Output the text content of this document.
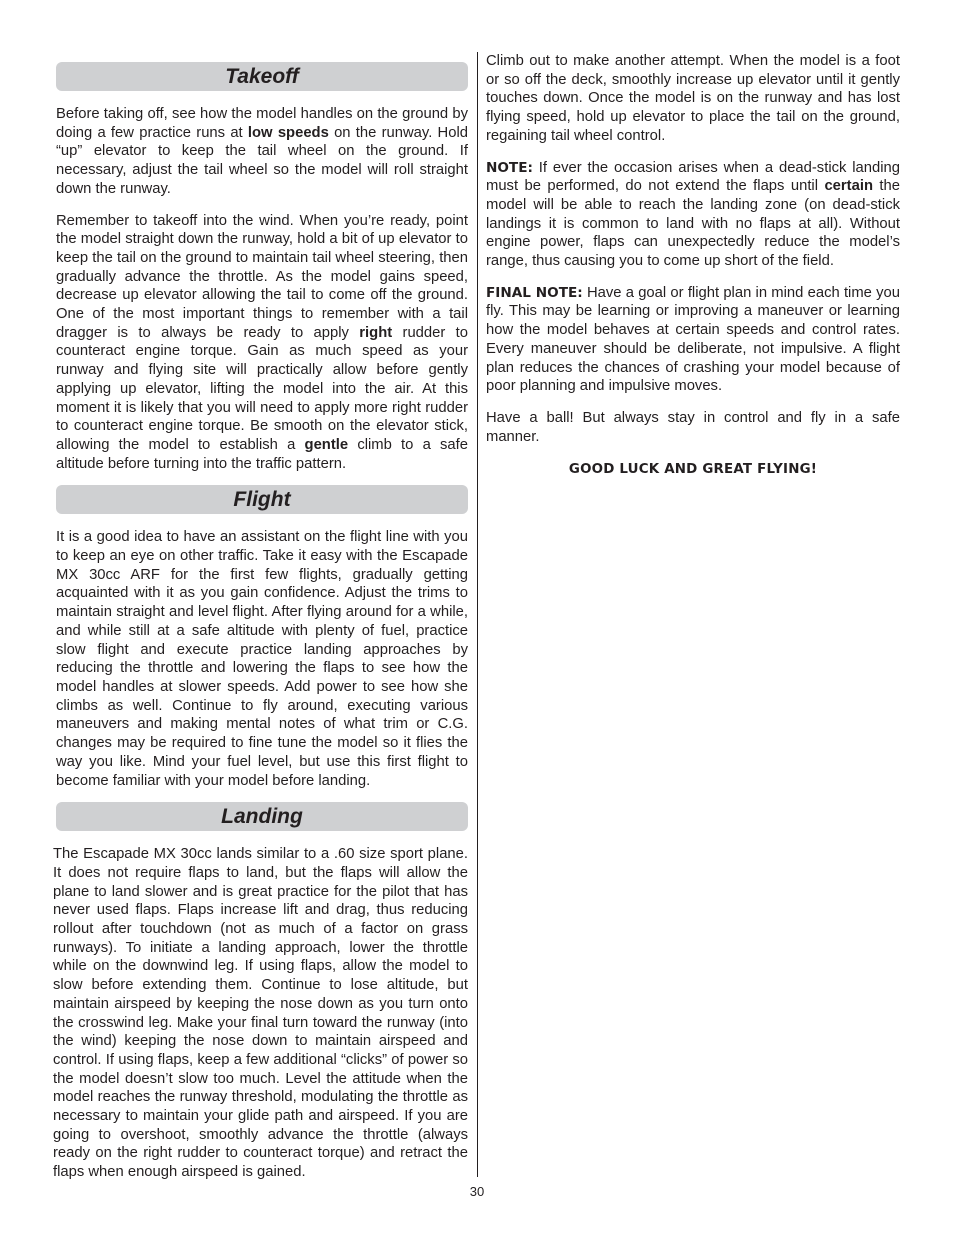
Takeoff

Before taking off, see how the model handles on the ground by doing a few practice runs at low speeds on the runway. Hold “up” elevator to keep the tail wheel on the ground. If necessary, adjust the tail wheel so the model will roll straight down the runway.

Remember to takeoff into the wind. When you’re ready, point the model straight down the runway, hold a bit of up elevator to keep the tail on the ground to maintain tail wheel steering, then gradually advance the throttle. As the model gains speed, decrease up elevator allowing the tail to come off the ground. One of the most important things to remember with a tail dragger is to always be ready to apply right rudder to counteract engine torque. Gain as much speed as your runway and flying site will practically allow before gently applying up elevator, lifting the model into the air. At this moment it is likely that you will need to apply more right rudder to counteract engine torque. Be smooth on the elevator stick, allowing the model to establish a gentle climb to a safe altitude before turning into the traffic pattern.

Flight

It is a good idea to have an assistant on the flight line with you to keep an eye on other traffic. Take it easy with the Escapade MX 30cc ARF for the first few flights, gradually getting acquainted with it as you gain confidence. Adjust the trims to maintain straight and level flight. After flying around for a while, and while still at a safe altitude with plenty of fuel, practice slow flight and execute practice landing approaches by reducing the throttle and lowering the flaps to see how the model handles at slower speeds. Add power to see how she climbs as well. Continue to fly around, executing various maneuvers and making mental notes of what trim or C.G. changes may be required to fine tune the model so it flies the way you like. Mind your fuel level, but use this first flight to become familiar with your model before landing.

Landing

The Escapade MX 30cc lands similar to a .60 size sport plane. It does not require flaps to land, but the flaps will allow the plane to land slower and is great practice for the pilot that has never used flaps. Flaps increase lift and drag, thus reducing rollout after touchdown (not as much of a factor on grass runways). To initiate a landing approach, lower the throttle while on the downwind leg. If using flaps, allow the model to slow before extending them. Continue to lose altitude, but maintain airspeed by keeping the nose down as you turn onto the crosswind leg. Make your final turn toward the runway (into the wind) keeping the nose down to maintain airspeed and control. If using flaps, keep a few additional “clicks” of power so the model doesn’t slow too much. Level the attitude when the model reaches the runway threshold, modulating the throttle as necessary to maintain your glide path and airspeed. If you are going to overshoot, smoothly advance the throttle (always ready on the right rudder to counteract torque) and retract the flaps when enough airspeed is gained.

Climb out to make another attempt. When the model is a foot or so off the deck, smoothly increase up elevator until it gently touches down. Once the model is on the runway and has lost flying speed, hold up elevator to place the tail on the ground, regaining tail wheel control.

NOTE: If ever the occasion arises when a dead-stick landing must be performed, do not extend the flaps until certain the model will be able to reach the landing zone (on dead-stick landings it is common to land with no flaps at all). Without engine power, flaps can unexpectedly reduce the model’s range, thus causing you to come up short of the field.

FINAL NOTE: Have a goal or flight plan in mind each time you fly. This may be learning or improving a maneuver or learning how the model behaves at certain speeds and control rates. Every maneuver should be deliberate, not impulsive. A flight plan reduces the chances of crashing your model because of poor planning and impulsive moves.

Have a ball! But always stay in control and fly in a safe manner.

GOOD LUCK AND GREAT FLYING!
30
